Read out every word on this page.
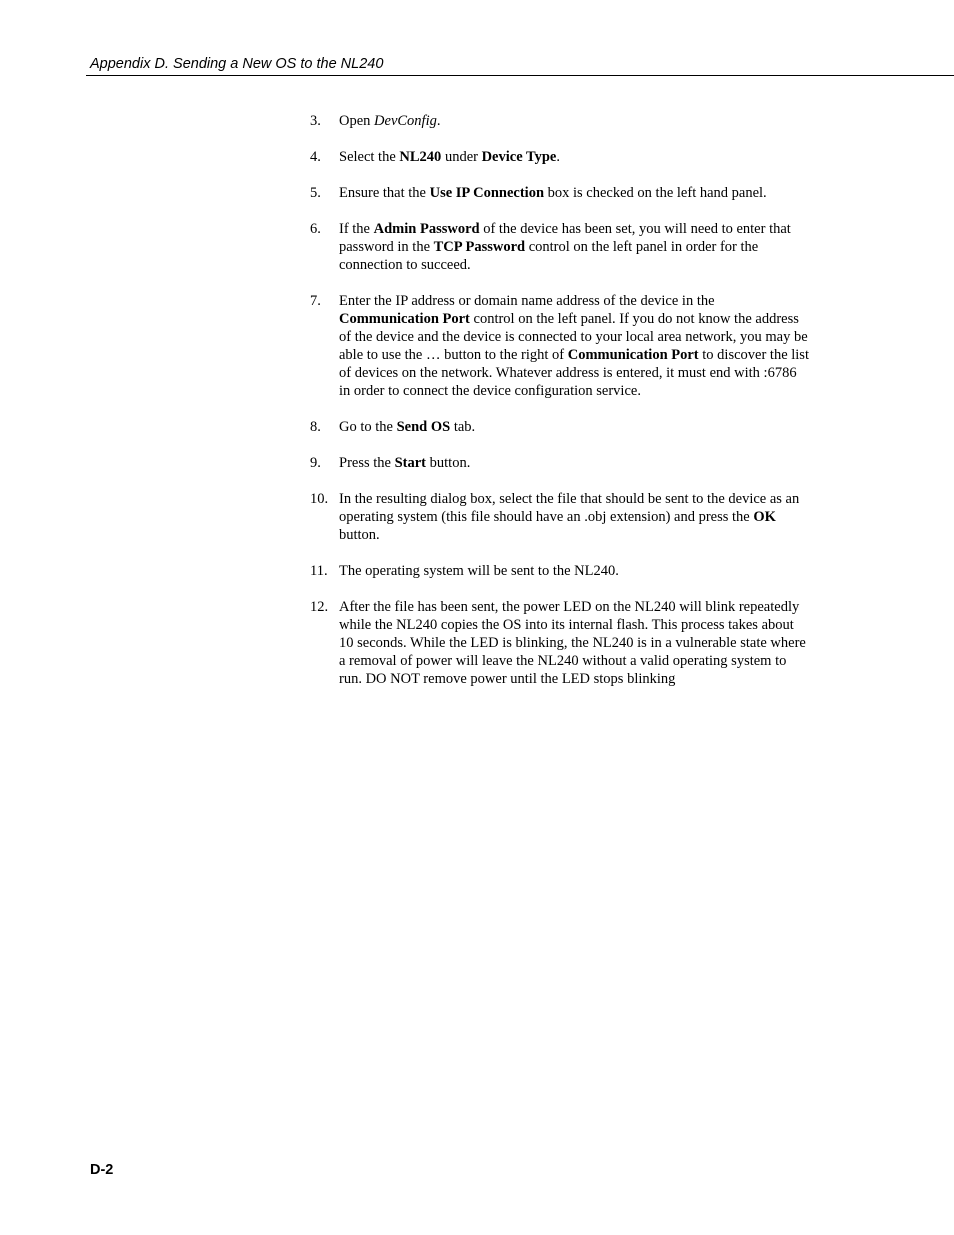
Appendix D. Sending a New OS to the NL240
3. Open DevConfig.
4. Select the NL240 under Device Type.
5. Ensure that the Use IP Connection box is checked on the left hand panel.
6. If the Admin Password of the device has been set, you will need to enter that password in the TCP Password control on the left panel in order for the connection to succeed.
7. Enter the IP address or domain name address of the device in the Communication Port control on the left panel. If you do not know the address of the device and the device is connected to your local area network, you may be able to use the … button to the right of Communication Port to discover the list of devices on the network. Whatever address is entered, it must end with :6786 in order to connect the device configuration service.
8. Go to the Send OS tab.
9. Press the Start button.
10. In the resulting dialog box, select the file that should be sent to the device as an operating system (this file should have an .obj extension) and press the OK button.
11. The operating system will be sent to the NL240.
12. After the file has been sent, the power LED on the NL240 will blink repeatedly while the NL240 copies the OS into its internal flash. This process takes about 10 seconds. While the LED is blinking, the NL240 is in a vulnerable state where a removal of power will leave the NL240 without a valid operating system to run. DO NOT remove power until the LED stops blinking
D-2
